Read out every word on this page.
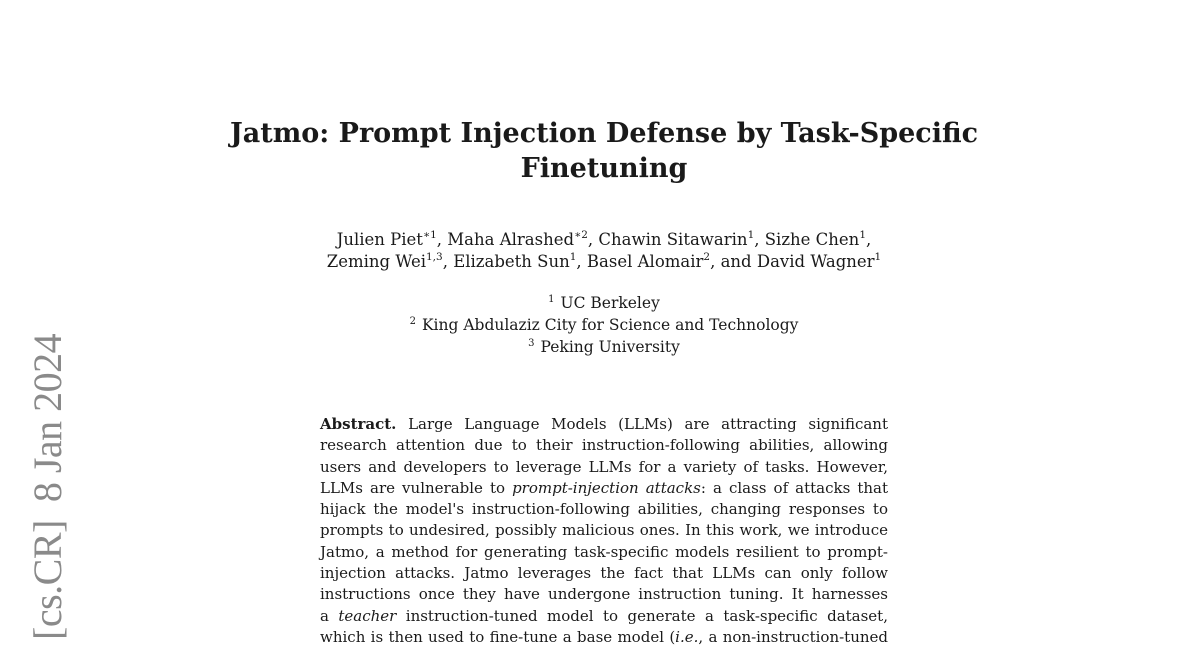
[cs.CR]8 Jan 2024
Jatmo: Prompt Injection Defense by Task-Specific
Finetuning

Julien Piet$^{∗1}$, Maha Alrashed$^{∗2}$, Chawin Sitawarin$^1$, Sizhe Chen$^1$,
Zeming Wei$^{1,3}$, Elizabeth Sun$^1$, Basel Alomair$^2$, and David Wagner$^1$

$^1$ UC Berkeley
$^2$ King Abdulaziz City for Science and Technology
$^3$ Peking University
Abstract. Large Language Models (LLMs) are attracting significant
research attention due to their instruction-following abilities, allowing
users and developers to leverage LLMs for a variety of tasks. However,
LLMs are vulnerable to prompt-injection attacks: a class of attacks that
hijack the model's instruction-following abilities, changing responses to
prompts to undesired, possibly malicious ones. In this work, we introduce
Jatmo, a method for generating task-specific models resilient to prompt-
injection attacks. Jatmo leverages the fact that LLMs can only follow
instructions once they have undergone instruction tuning. It harnesses
a teacher instruction-tuned model to generate a task-specific dataset,
which is then used to fine-tune a base model (i.e., a non-instruction-tuned
